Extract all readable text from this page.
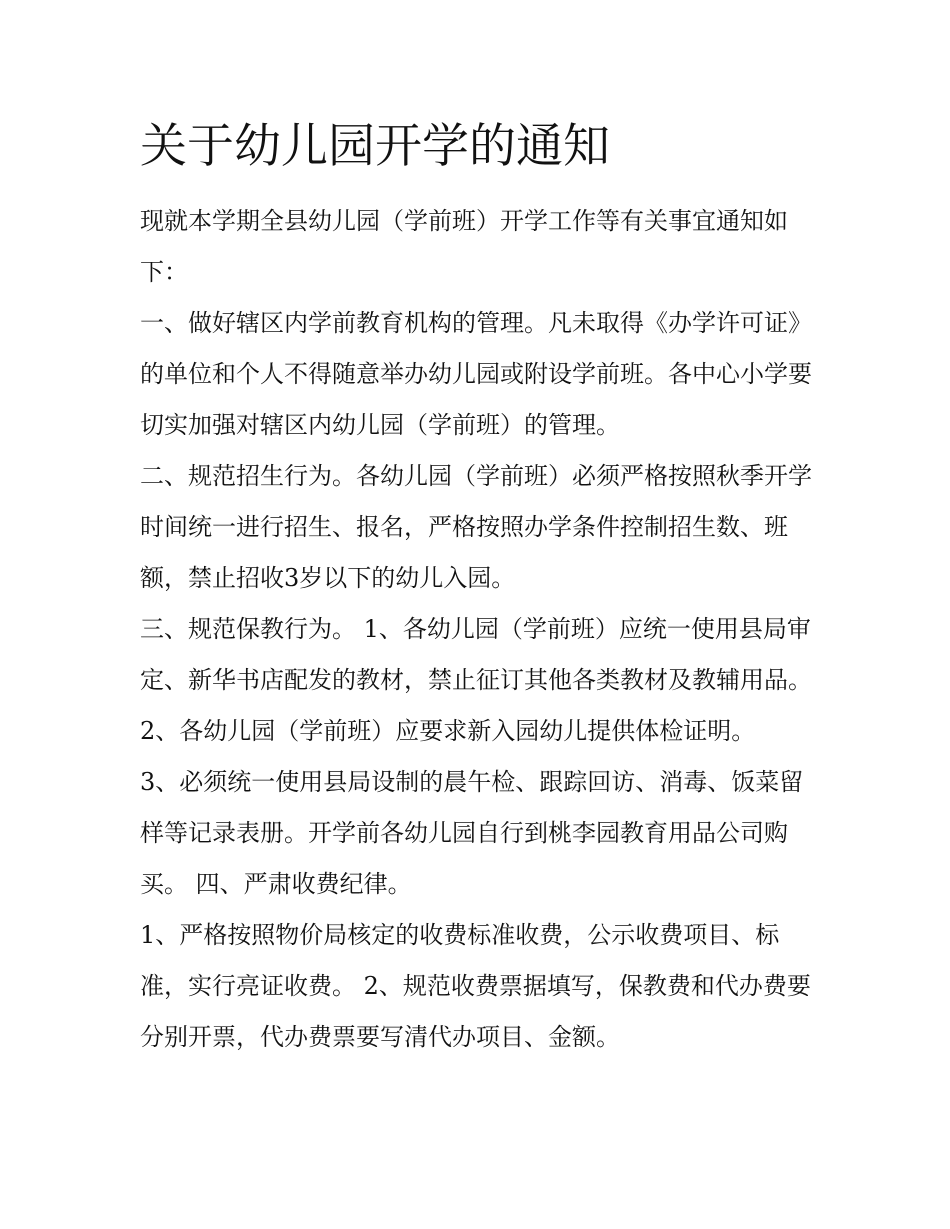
关于幼儿园开学的通知

现就本学期全县幼儿园（学前班）开学工作等有关事宜通知如下：

一、做好辖区内学前教育机构的管理。凡未取得《办学许可证》的单位和个人不得随意举办幼儿园或附设学前班。各中心小学要切实加强对辖区内幼儿园（学前班）的管理。

二、规范招生行为。各幼儿园（学前班）必须严格按照秋季开学时间统一进行招生、报名，严格按照办学条件控制招生数、班额，禁止招收3岁以下的幼儿入园。

三、规范保教行为。 1、各幼儿园（学前班）应统一使用县局审定、新华书店配发的教材，禁止征订其他各类教材及教辅用品。

2、各幼儿园（学前班）应要求新入园幼儿提供体检证明。

3、必须统一使用县局设制的晨午检、跟踪回访、消毒、饭菜留样等记录表册。开学前各幼儿园自行到桃李园教育用品公司购买。 四、严肃收费纪律。

1、严格按照物价局核定的收费标准收费，公示收费项目、标准，实行亮证收费。 2、规范收费票据填写，保教费和代办费要分别开票，代办费票要写清代办项目、金额。
